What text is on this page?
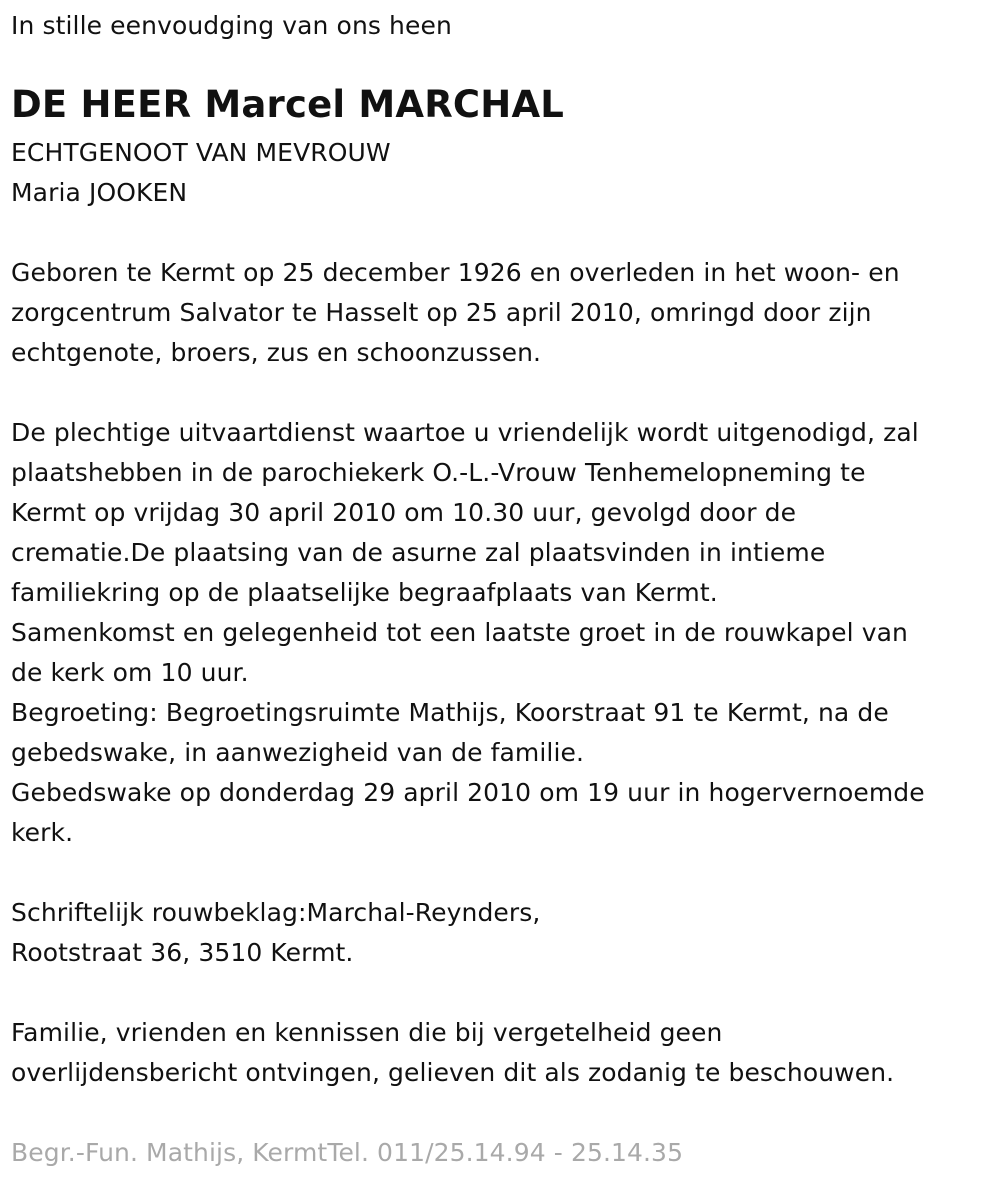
In stille eenvoudging van ons heen
DE HEER Marcel MARCHAL
ECHTGENOOT VAN MEVROUW
Maria JOOKEN
Geboren te Kermt op 25 december 1926 en overleden in het woon- en
zorgcentrum Salvator te Hasselt op 25 april 2010, omringd door zijn
echtgenote, broers, zus en schoonzussen.
De plechtige uitvaartdienst waartoe u vriendelijk wordt uitgenodigd, zal
plaatshebben in de parochiekerk O.-L.-Vrouw Tenhemelopneming te
Kermt op vrijdag 30 april 2010 om 10.30 uur, gevolgd door de
crematie.De plaatsing van de asurne zal plaatsvinden in intieme
familiekring op de plaatselijke begraafplaats van Kermt.
Samenkomst en gelegenheid tot een laatste groet in de rouwkapel van
de kerk om 10 uur.
Begroeting: Begroetingsruimte Mathijs, Koorstraat 91 te Kermt, na de
gebedswake, in aanwezigheid van de familie.
Gebedswake op donderdag 29 april 2010 om 19 uur in hogervernoemde
kerk.
Schriftelijk rouwbeklag:Marchal-Reynders,
Rootstraat 36, 3510 Kermt.
Familie, vrienden en kennissen die bij vergetelheid geen
overlijdensbericht ontvingen, gelieven dit als zodanig te beschouwen.
Begr.-Fun. Mathijs, KermtTel. 011/25.14.94 - 25.14.35
